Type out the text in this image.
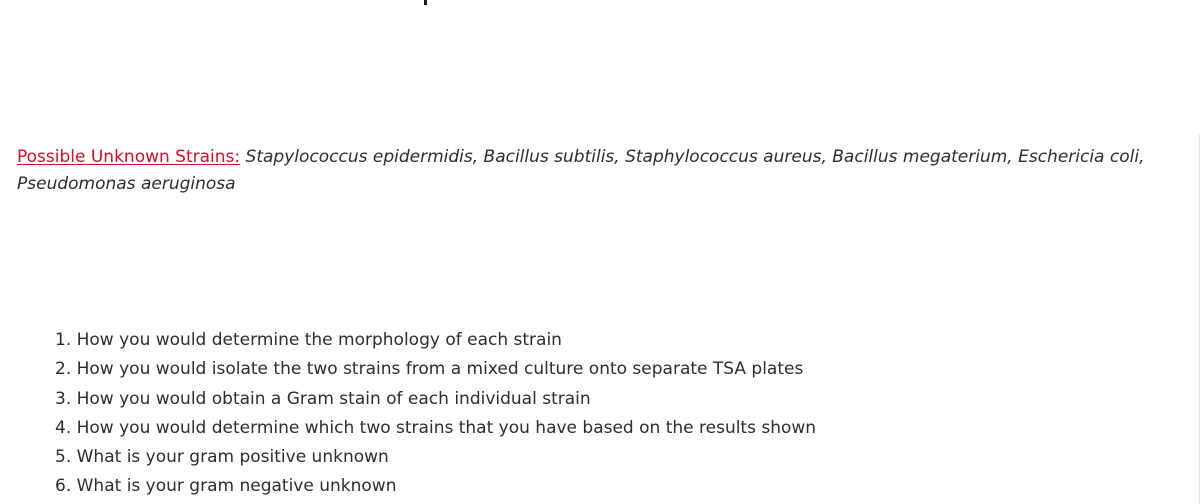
Possible Unknown Strains: Stapylococcus epidermidis, Bacillus subtilis, Staphylococcus aureus, Bacillus megaterium, Eschericia coli,
Pseudomonas aeruginosa
1. How you would determine the morphology of each strain
2. How you would isolate the two strains from a mixed culture onto separate TSA plates
3. How you would obtain a Gram stain of each individual strain
4. How you would determine which two strains that you have based on the results shown
5. What is your gram positive unknown
6. What is your gram negative unknown
